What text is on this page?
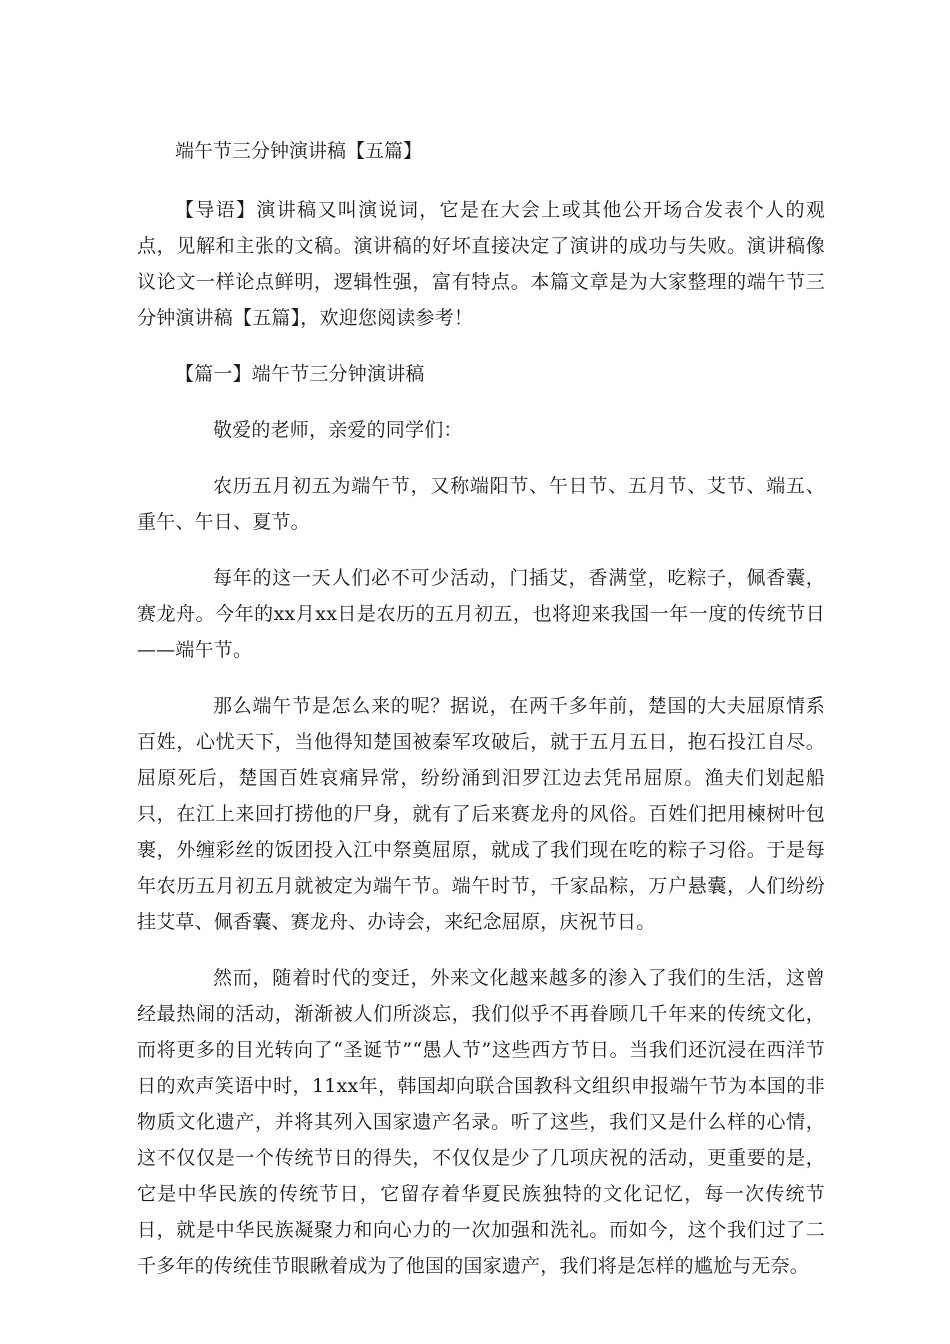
端午节三分钟演讲稿【五篇】

【导语】演讲稿又叫演说词，它是在大会上或其他公开场合发表个人的观点，见解和主张的文稿。演讲稿的好坏直接决定了演讲的成功与失败。演讲稿像议论文一样论点鲜明，逻辑性强，富有特点。本篇文章是为大家整理的端午节三分钟演讲稿【五篇】，欢迎您阅读参考！

【篇一】端午节三分钟演讲稿

敬爱的老师，亲爱的同学们：

农历五月初五为端午节，又称端阳节、午日节、五月节、艾节、端五、重午、午日、夏节。

每年的这一天人们必不可少活动，门插艾，香满堂，吃粽子，佩香囊，赛龙舟。今年的xx月xx日是农历的五月初五，也将迎来我国一年一度的传统节日——端午节。

那么端午节是怎么来的呢？据说，在两千多年前，楚国的大夫屈原情系百姓，心忧天下，当他得知楚国被秦军攻破后，就于五月五日，抱石投江自尽。屈原死后，楚国百姓哀痛异常，纷纷涌到汨罗江边去凭吊屈原。渔夫们划起船只，在江上来回打捞他的尸身，就有了后来赛龙舟的风俗。百姓们把用楝树叶包裹，外缠彩丝的饭团投入江中祭奠屈原，就成了我们现在吃的粽子习俗。于是每年农历五月初五月就被定为端午节。端午时节，千家品粽，万户悬囊，人们纷纷挂艾草、佩香囊、赛龙舟、办诗会，来纪念屈原，庆祝节日。

然而，随着时代的变迁，外来文化越来越多的渗入了我们的生活，这曾经最热闹的活动，渐渐被人们所淡忘，我们似乎不再眷顾几千年来的传统文化，而将更多的目光转向了“圣诞节”“愚人节”这些西方节日。当我们还沉浸在西洋节日的欢声笑语中时，11xx年，韩国却向联合国教科文组织申报端午节为本国的非物质文化遗产，并将其列入国家遗产名录。听了这些，我们又是什么样的心情，这不仅仅是一个传统节日的得失，不仅仅是少了几项庆祝的活动，更重要的是，它是中华民族的传统节日，它留存着华夏民族独特的文化记忆，每一次传统节日，就是中华民族凝聚力和向心力的一次加强和洗礼。而如今，这个我们过了二千多年的传统佳节眼瞅着成为了他国的国家遗产，我们将是怎样的尴尬与无奈。
